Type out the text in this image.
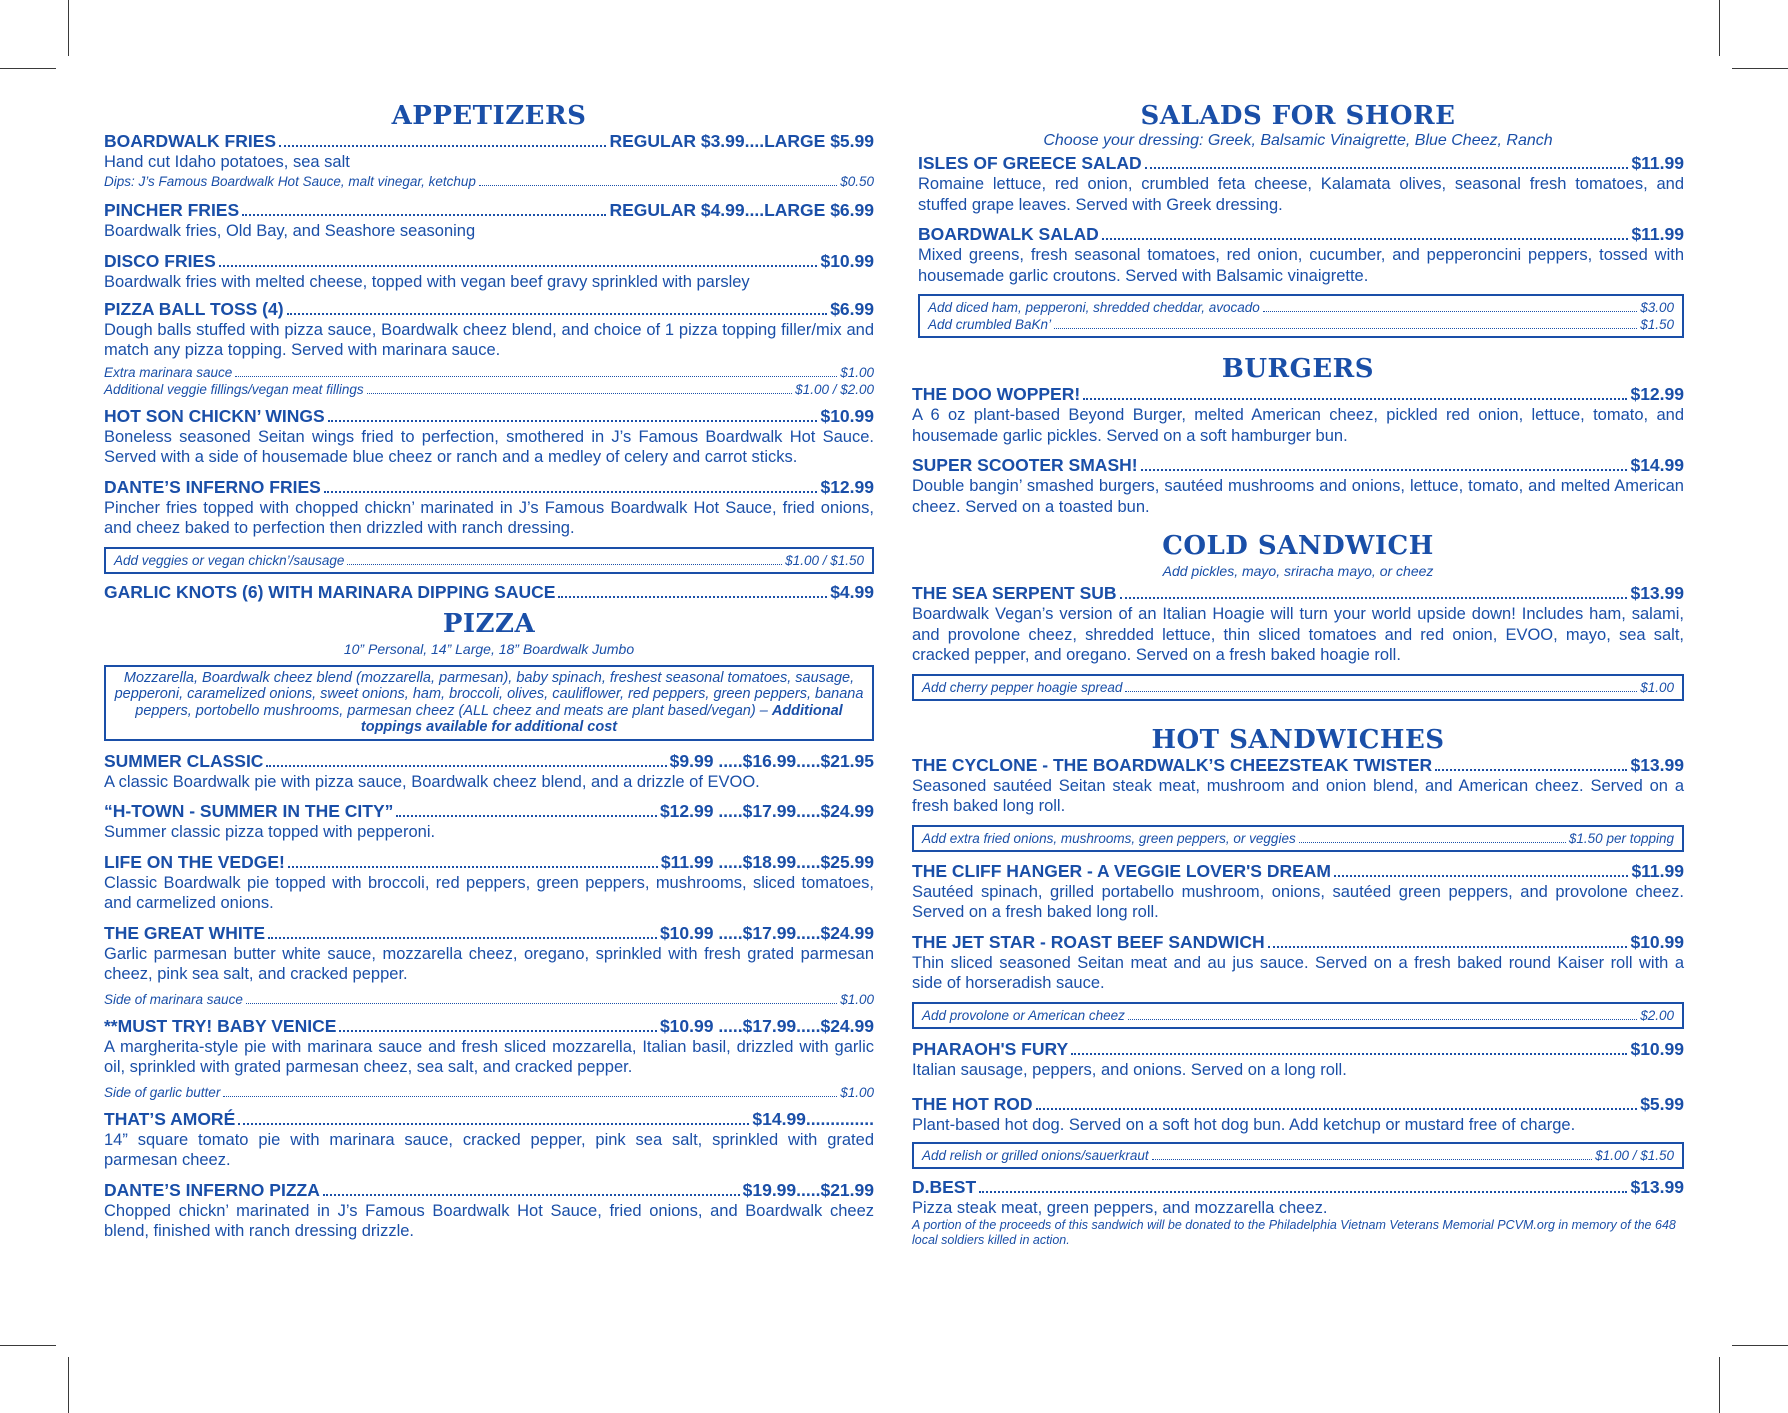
APPETIZERS
BOARDWALK FRIES	REGULAR $3.99....LARGE $5.99

Hand cut Idaho potatoes, sea salt

Dips: J’s Famous Boardwalk Hot Sauce, malt vinegar, ketchup	$0.50
PINCHER FRIES	REGULAR $4.99....LARGE $6.99

Boardwalk fries, Old Bay, and Seashore seasoning

DISCO FRIES	$10.99

Boardwalk fries with melted cheese, topped with vegan beef gravy sprinkled with parsley

PIZZA BALL TOSS (4)	$6.99

Dough balls stuffed with pizza sauce, Boardwalk cheez blend, and choice of 1 pizza topping filler/mix and match any pizza topping. Served with marinara sauce.

Extra marinara sauce	$1.00
Additional veggie fillings/vegan meat fillings	$1.00 / $2.00
HOT SON CHICKN’ WINGS	$10.99

Boneless seasoned Seitan wings fried to perfection, smothered in J’s Famous Boardwalk Hot Sauce. Served with a side of housemade blue cheez or ranch and a medley of celery and carrot sticks.

DANTE’S INFERNO FRIES	$12.99

Pincher fries topped with chopped chickn’ marinated in J’s Famous Boardwalk Hot Sauce, fried onions, and cheez baked to perfection then drizzled with ranch dressing.

Add veggies or vegan chickn’/sausage	$1.00 / $1.50
GARLIC KNOTS (6) WITH MARINARA DIPPING SAUCE	$4.99
PIZZA

10” Personal, 14” Large, 18” Boardwalk Jumbo

Mozzarella, Boardwalk cheez blend (mozzarella, parmesan), baby spinach, freshest seasonal tomatoes, sausage, pepperoni, caramelized onions, sweet onions, ham, broccoli, olives, cauliflower, red peppers, green peppers, banana peppers, portobello mushrooms, parmesan cheez (ALL cheez and meats are plant based/vegan) – Additional toppings available for additional cost

SUMMER CLASSIC	$9.99 .....$16.99.....$21.95

A classic Boardwalk pie with pizza sauce, Boardwalk cheez blend, and a drizzle of EVOO.

“H-TOWN - SUMMER IN THE CITY”	$12.99 .....$17.99.....$24.99

Summer classic pizza topped with pepperoni.

LIFE ON THE VEDGE!	$11.99 .....$18.99.....$25.99

Classic Boardwalk pie topped with broccoli, red peppers, green peppers, mushrooms, sliced tomatoes, and carmelized onions.

THE GREAT WHITE	$10.99 .....$17.99.....$24.99

Garlic parmesan butter white sauce, mozzarella cheez, oregano, sprinkled with fresh grated parmesan cheez, pink sea salt, and cracked pepper.

Side of marinara sauce	$1.00
**MUST TRY! BABY VENICE	$10.99 .....$17.99.....$24.99

A margherita-style pie with marinara sauce and fresh sliced mozzarella, Italian basil, drizzled with garlic oil, sprinkled with grated parmesan cheez, sea salt, and cracked pepper.

Side of garlic butter	$1.00
THAT’S AMORÉ	$14.99..............

14” square tomato pie with marinara sauce, cracked pepper, pink sea salt, sprinkled with grated parmesan cheez.

DANTE’S INFERNO PIZZA	$19.99.....$21.99

Chopped chickn’ marinated in J’s Famous Boardwalk Hot Sauce, fried onions, and Boardwalk cheez blend, finished with ranch dressing drizzle.

SALADS FOR SHORE

Choose your dressing: Greek, Balsamic Vinaigrette, Blue Cheez, Ranch

ISLES OF GREECE SALAD	$11.99

Romaine lettuce, red onion, crumbled feta cheese, Kalamata olives, seasonal fresh tomatoes, and stuffed grape leaves. Served with Greek dressing.

BOARDWALK SALAD	$11.99

Mixed greens, fresh seasonal tomatoes, red onion, cucumber, and pepperoncini peppers, tossed with housemade garlic croutons. Served with Balsamic vinaigrette.

Add diced ham, pepperoni, shredded cheddar, avocado	$3.00
Add crumbled BaKn’	$1.50
BURGERS
THE DOO WOPPER!	$12.99

A 6 oz plant-based Beyond Burger, melted American cheez, pickled red onion, lettuce, tomato, and housemade garlic pickles. Served on a soft hamburger bun.

SUPER SCOOTER SMASH!	$14.99

Double bangin’ smashed burgers, sautéed mushrooms and onions, lettuce, tomato, and melted American cheez. Served on a toasted bun.

COLD SANDWICH

Add pickles, mayo, sriracha mayo, or cheez

THE SEA SERPENT SUB	$13.99

Boardwalk Vegan’s version of an Italian Hoagie will turn your world upside down! Includes ham, salami, and provolone cheez, shredded lettuce, thin sliced tomatoes and red onion, EVOO, mayo, sea salt, cracked pepper, and oregano. Served on a fresh baked hoagie roll.

Add cherry pepper hoagie spread	$1.00
HOT SANDWICHES
THE CYCLONE - THE BOARDWALK’S CHEEZSTEAK TWISTER	$13.99

Seasoned sautéed Seitan steak meat, mushroom and onion blend, and American cheez. Served on a fresh baked long roll.

Add extra fried onions, mushrooms, green peppers, or veggies	$1.50 per topping
THE CLIFF HANGER - A VEGGIE LOVER'S DREAM	$11.99

Sautéed spinach, grilled portabello mushroom, onions, sautéed green peppers, and provolone cheez. Served on a fresh baked long roll.

THE JET STAR - ROAST BEEF SANDWICH	$10.99

Thin sliced seasoned Seitan meat and au jus sauce. Served on a fresh baked round Kaiser roll with a side of horseradish sauce.

Add provolone or American cheez	$2.00
PHARAOH'S FURY	$10.99

Italian sausage, peppers, and onions. Served on a long roll.

THE HOT ROD	$5.99

Plant-based hot dog. Served on a soft hot dog bun. Add ketchup or mustard free of charge.

Add relish or grilled onions/sauerkraut	$1.00 / $1.50
D.BEST	$13.99

Pizza steak meat, green peppers, and mozzarella cheez.

A portion of the proceeds of this sandwich will be donated to the Philadelphia Vietnam Veterans Memorial PCVM.org in memory of the 648 local soldiers killed in action.
